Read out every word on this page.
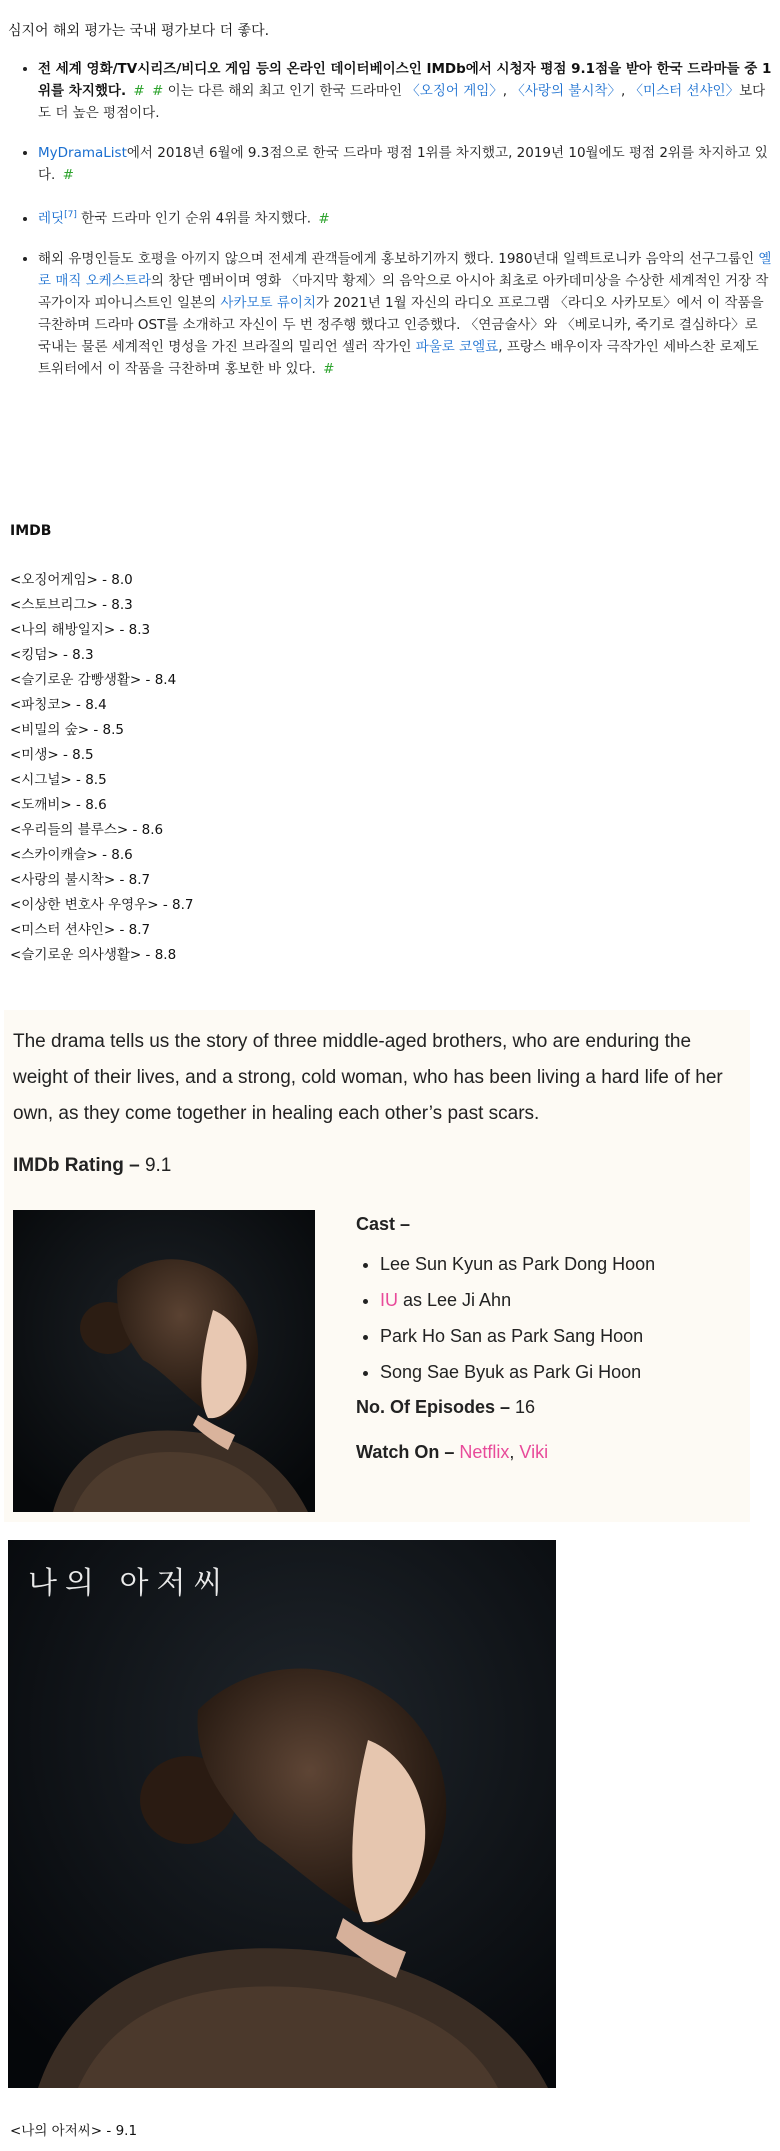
심지어 해외 평가는 국내 평가보다 더 좋다.
• 전 세계 영화/TV시리즈/비디오 게임 등의 온라인 데이터베이스인 IMDb에서 시청자 평점 9.1점을 받아 한국 드라마들 중 1위를 차지했다. # # 이는 다른 해외 최고 인기 한국 드라마인 〈오징어 게임〉, 〈사랑의 불시착〉, 〈미스터 션샤인〉보다도 더 높은 평점이다.
• MyDramaList에서 2018년 6월에 9.3점으로 한국 드라마 평점 1위를 차지했고, 2019년 10월에도 평점 2위를 차지하고 있다. #
• 레딧[7] 한국 드라마 인기 순위 4위를 차지했다. #
• 해외 유명인들도 호평을 아끼지 않으며 전세계 관객들에게 홍보하기까지 했다. 1980년대 일렉트로니카 음악의 선구그룹인 옐로 매직 오케스트라의 창단 멤버이며 영화 〈마지막 황제〉의 음악으로 아시아 최초로 아카데미상을 수상한 세계적인 거장 작곡가이자 피아니스트인 일본의 사카모토 류이치가 2021년 1월 자신의 라디오 프로그램 〈라디오 사카모토〉에서 이 작품을 극찬하며 드라마 OST를 소개하고 자신이 두 번 정주행 했다고 인증했다. 〈연금술사〉와 〈베로니카, 죽기로 결심하다〉로 국내는 물론 세계적인 명성을 가진 브라질의 밀리언 셀러 작가인 파울로 코엘료, 프랑스 배우이자 극작가인 세바스찬 로제도 트위터에서 이 작품을 극찬하며 홍보한 바 있다. #
IMDB
<오징어게임> - 8.0
<스토브리그> - 8.3
<나의 해방일지> - 8.3
<킹덤> - 8.3
<슬기로운 감빵생활> - 8.4
<파칭코> - 8.4
<비밀의 숲> - 8.5
<미생> - 8.5
<시그널> - 8.5
<도깨비> - 8.6
<우리들의 블루스> - 8.6
<스카이캐슬> - 8.6
<사랑의 불시착> - 8.7
<이상한 변호사 우영우> - 8.7
<미스터 션샤인> - 8.7
<슬기로운 의사생활> - 8.8
The drama tells us the story of three middle-aged brothers, who are enduring the weight of their lives, and a strong, cold woman, who has been living a hard life of her own, as they come together in healing each other’s past scars.
IMDb Rating – 9.1
Cast –
• Lee Sun Kyun as Park Dong Hoon
• IU as Lee Ji Ahn
• Park Ho San as Park Sang Hoon
• Song Sae Byuk as Park Gi Hoon

No. Of Episodes – 16

Watch On – Netflix, Viki

나의 아저씨
<나의 아저씨> - 9.1
